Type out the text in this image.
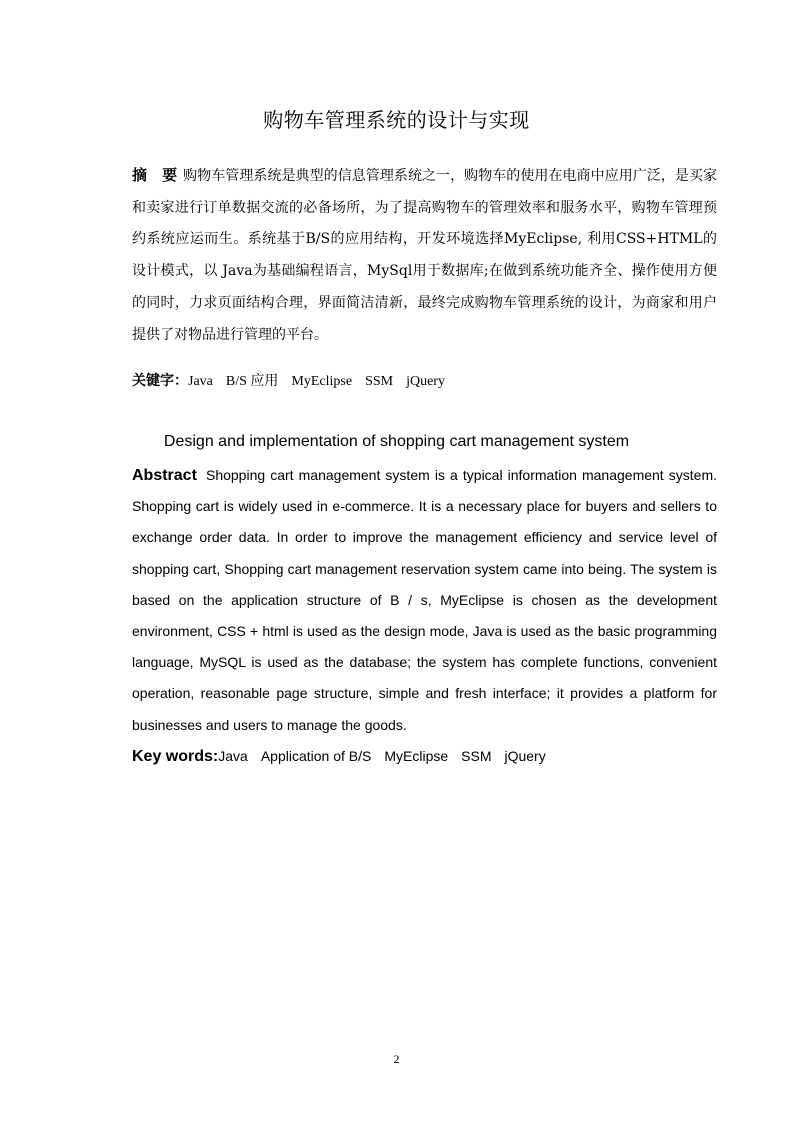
购物车管理系统的设计与实现
摘　要 购物车管理系统是典型的信息管理系统之一，购物车的使用在电商中应用广泛，是买家和卖家进行订单数据交流的必备场所，为了提高购物车的管理效率和服务水平，购物车管理预约系统应运而生。系统基于B/S的应用结构，开发环境选择MyEclipse, 利用CSS+HTML的设计模式，以 Java为基础编程语言，MySql用于数据库;在做到系统功能齐全、操作使用方便的同时，力求页面结构合理，界面简洁清新，最终完成购物车管理系统的设计，为商家和用户提供了对物品进行管理的平台。
关键字：Java B/S 应用 MyEclipse SSM jQuery
Design and implementation of shopping cart management system
Abstract Shopping cart management system is a typical information management system. Shopping cart is widely used in e-commerce. It is a necessary place for buyers and sellers to exchange order data. In order to improve the management efficiency and service level of shopping cart, Shopping cart management reservation system came into being. The system is based on the application structure of B / s, MyEclipse is chosen as the development environment, CSS + html is used as the design mode, Java is used as the basic programming language, MySQL is used as the database; the system has complete functions, convenient operation, reasonable page structure, simple and fresh interface; it provides a platform for businesses and users to manage the goods.
Key words:Java Application of B/S MyEclipse SSM jQuery
2
